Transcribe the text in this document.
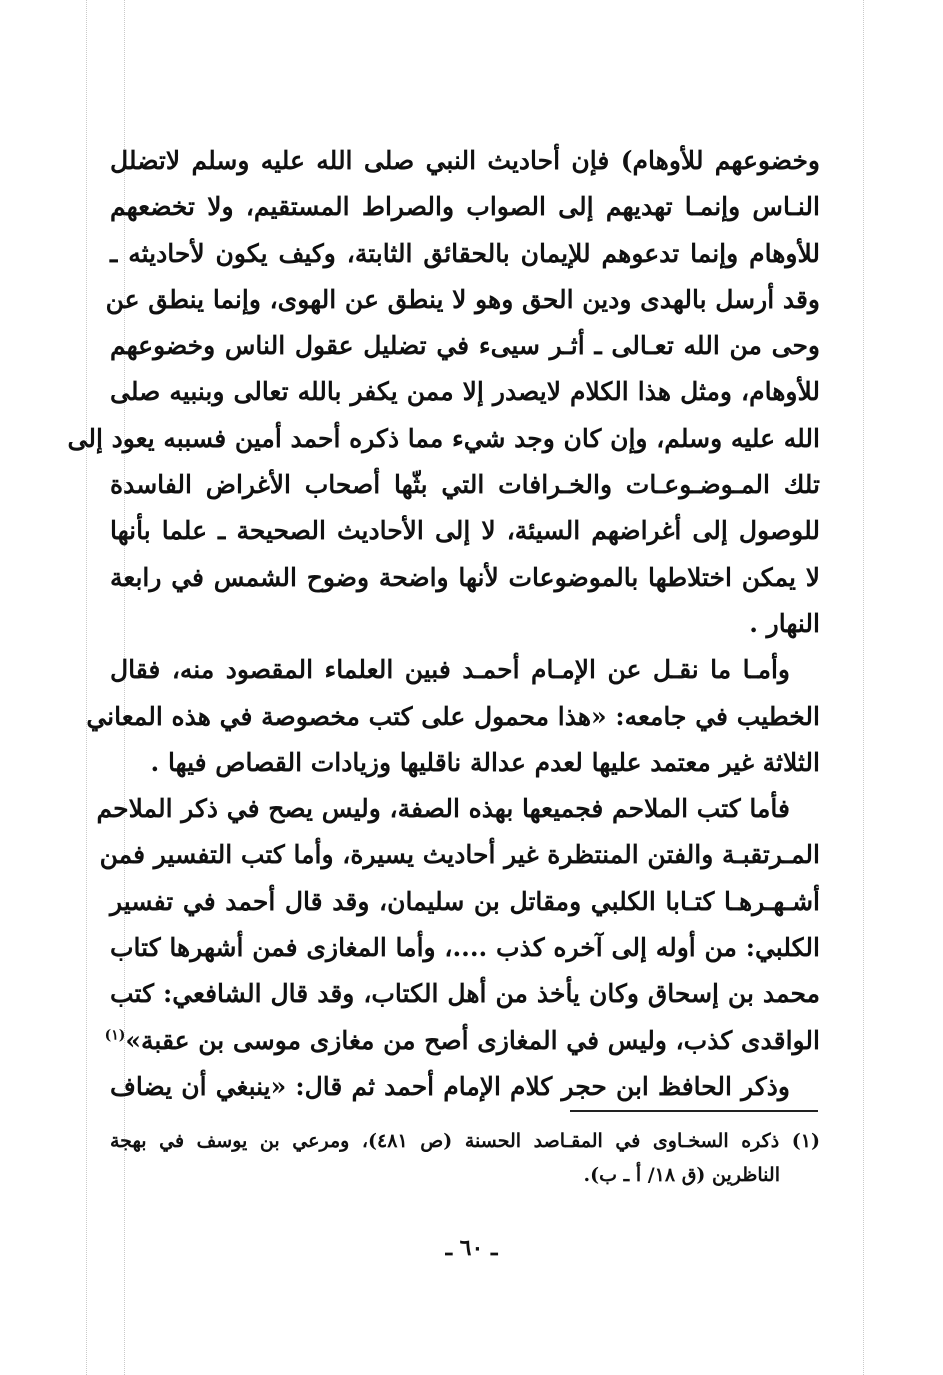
وخضوعهم للأوهام) فإن أحاديث النبي صلى الله عليه وسلم لاتضلل
النـاس وإنمـا تهديهم إلى الصواب والصراط المستقيم، ولا تخضعهم
للأوهام وإنما تدعوهم للإيمان بالحقائق الثابتة، وكيف يكون لأحاديثه ـ
وقد أرسل بالهدى ودين الحق وهو لا ينطق عن الهوى، وإنما ينطق عن
وحى من الله تعـالى ـ أثـر سيىء في تضليل عقول الناس وخضوعهم
للأوهام، ومثل هذا الكلام لايصدر إلا ممن يكفر بالله تعالى وبنبيه صلى
الله عليه وسلم، وإن كان وجد شيء مما ذكره أحمد أمين فسببه يعود إلى
تلك المـوضـوعـات والخـرافات التي بثّها أصحاب الأغراض الفاسدة
للوصول إلى أغراضهم السيئة، لا إلى الأحاديث الصحيحة ـ علما بأنها
لا يمكن اختلاطها بالموضوعات لأنها واضحة وضوح الشمس في رابعة
النهار .
وأمـا ما نقـل عن الإمـام أحمـد فبين العلماء المقصود منه، فقال
الخطيب في جامعه: «هذا محمول على كتب مخصوصة في هذه المعاني
الثلاثة غير معتمد عليها لعدم عدالة ناقليها وزيادات القصاص فيها .
فأما كتب الملاحم فجميعها بهذه الصفة، وليس يصح في ذكر الملاحم
المـرتقبـة والفتن المنتظرة غير أحاديث يسيرة، وأما كتب التفسير فمن
أشـهـرهـا كتـابا الكلبي ومقاتل بن سليمان، وقد قال أحمد في تفسير
الكلبي: من أوله إلى آخره كذب ....، وأما المغازى فمن أشهرها كتاب
محمد بن إسحاق وكان يأخذ من أهل الكتاب، وقد قال الشافعي: كتب
الواقدى كذب، وليس في المغازى أصح من مغازى موسى بن عقبة»$^{(١)}$
وذكر الحافظ ابن حجر كلام الإمام أحمد ثم قال: «ينبغي أن يضاف
(١) ذكره السخـاوى في المقـاصد الحسنة (ص ٤٨١)، ومرعي بن يوسف في بهجة
الناظرين (ق ١٨/ أ ـ ب).
ـ ٦٠ ـ
